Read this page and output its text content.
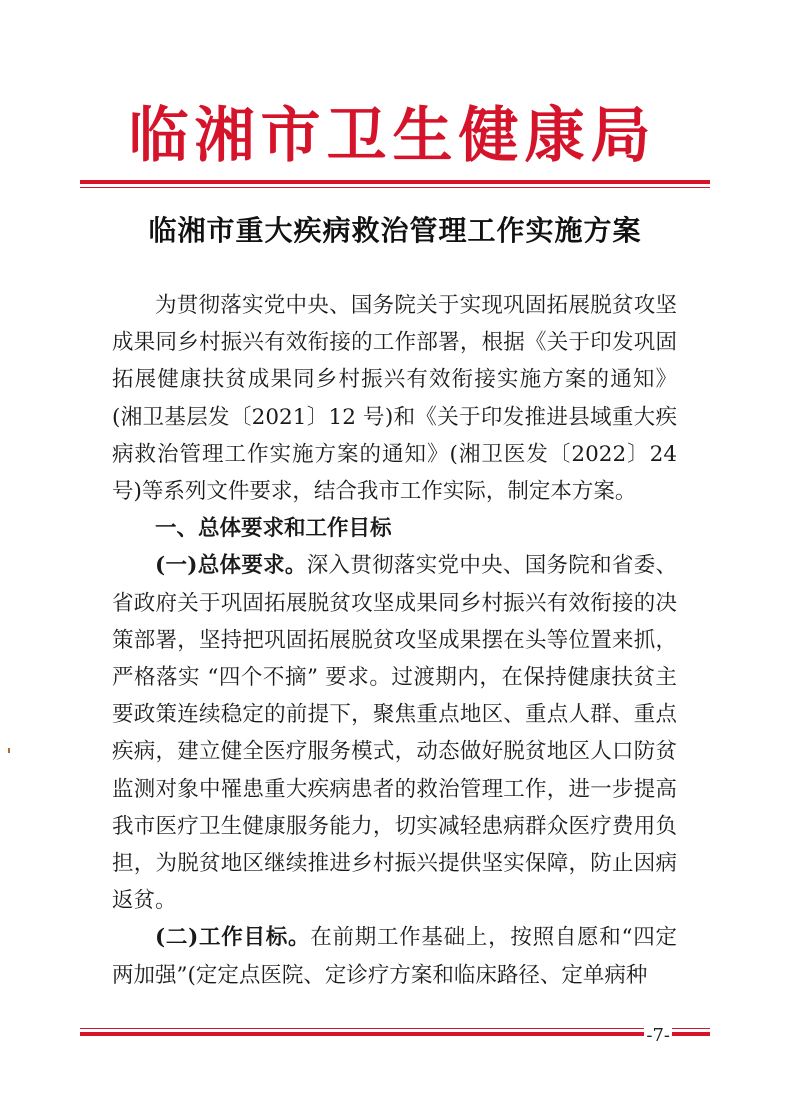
临湘市卫生健康局
临湘市重大疾病救治管理工作实施方案

为贯彻落实党中央、国务院关于实现巩固拓展脱贫攻坚成果同乡村振兴有效衔接的工作部署，根据《关于印发巩固拓展健康扶贫成果同乡村振兴有效衔接实施方案的通知》(湘卫基层发〔2021〕12 号)和《关于印发推进县域重大疾病救治管理工作实施方案的通知》(湘卫医发〔2022〕24 号)等系列文件要求，结合我市工作实际，制定本方案。

一、总体要求和工作目标

(一)总体要求。深入贯彻落实党中央、国务院和省委、省政府关于巩固拓展脱贫攻坚成果同乡村振兴有效衔接的决策部署，坚持把巩固拓展脱贫攻坚成果摆在头等位置来抓，严格落实 “四个不摘” 要求。过渡期内，在保持健康扶贫主要政策连续稳定的前提下，聚焦重点地区、重点人群、重点疾病，建立健全医疗服务模式，动态做好脱贫地区人口防贫监测对象中罹患重大疾病患者的救治管理工作，进一步提高我市医疗卫生健康服务能力，切实减轻患病群众医疗费用负担，为脱贫地区继续推进乡村振兴提供坚实保障，防止因病返贫。

(二)工作目标。在前期工作基础上，按照自愿和“四定两加强”(定定点医院、定诊疗方案和临床路径、定单病种

-7-
